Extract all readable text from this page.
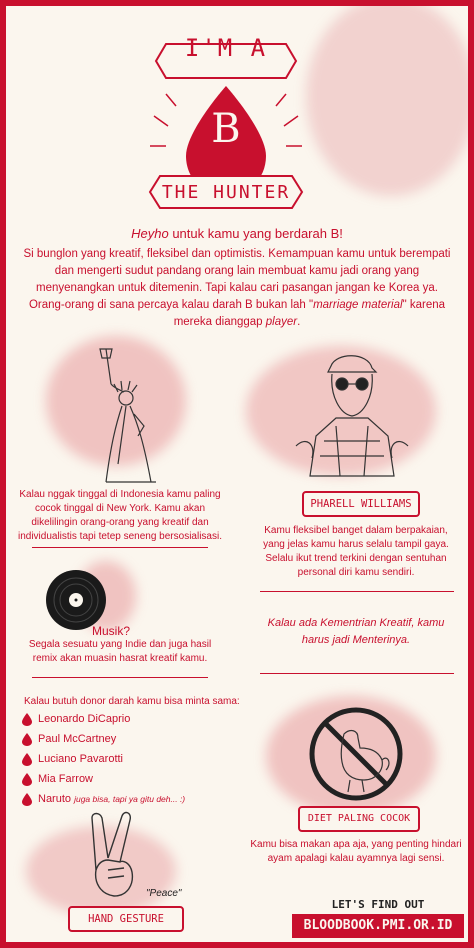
I'M A
B
THE HUNTER
Heyho untuk kamu yang berdarah B!
Si bunglon yang kreatif, fleksibel dan optimistis. Kemampuan kamu untuk berempati dan mengerti sudut pandang orang lain membuat kamu jadi orang yang menyenangkan untuk ditemenin. Tapi kalau cari pasangan jangan ke Korea ya. Orang-orang di sana percaya kalau darah B bukan lah "marriage material" karena mereka dianggap player.
Kalau nggak tinggal di Indonesia kamu paling cocok tinggal di New York. Kamu akan dikelilingin orang-orang yang kreatif dan individualistis tapi tetep seneng bersosialisasi.
PHARELL WILLIAMS
Kamu fleksibel banget dalam berpakaian, yang jelas kamu harus selalu tampil gaya. Selalu ikut trend terkini dengan sentuhan personal diri kamu sendiri.
Musik?
Segala sesuatu yang Indie dan juga hasil remix akan muasin hasrat kreatif kamu.
Kalau ada Kementrian Kreatif, kamu harus jadi Menterinya.
Kalau butuh donor darah kamu bisa minta sama:
Leonardo DiCaprio
Paul McCartney
Luciano Pavarotti
Mia Farrow
Naruto juga bisa, tapi ya gitu deh... :)
DIET PALING COCOK
Kamu bisa makan apa aja, yang penting hindari ayam apalagi kalau ayamnya lagi sensi.
"Peace"
HAND GESTURE
LET'S FIND OUT
BLOODBOOK.PMI.OR.ID
